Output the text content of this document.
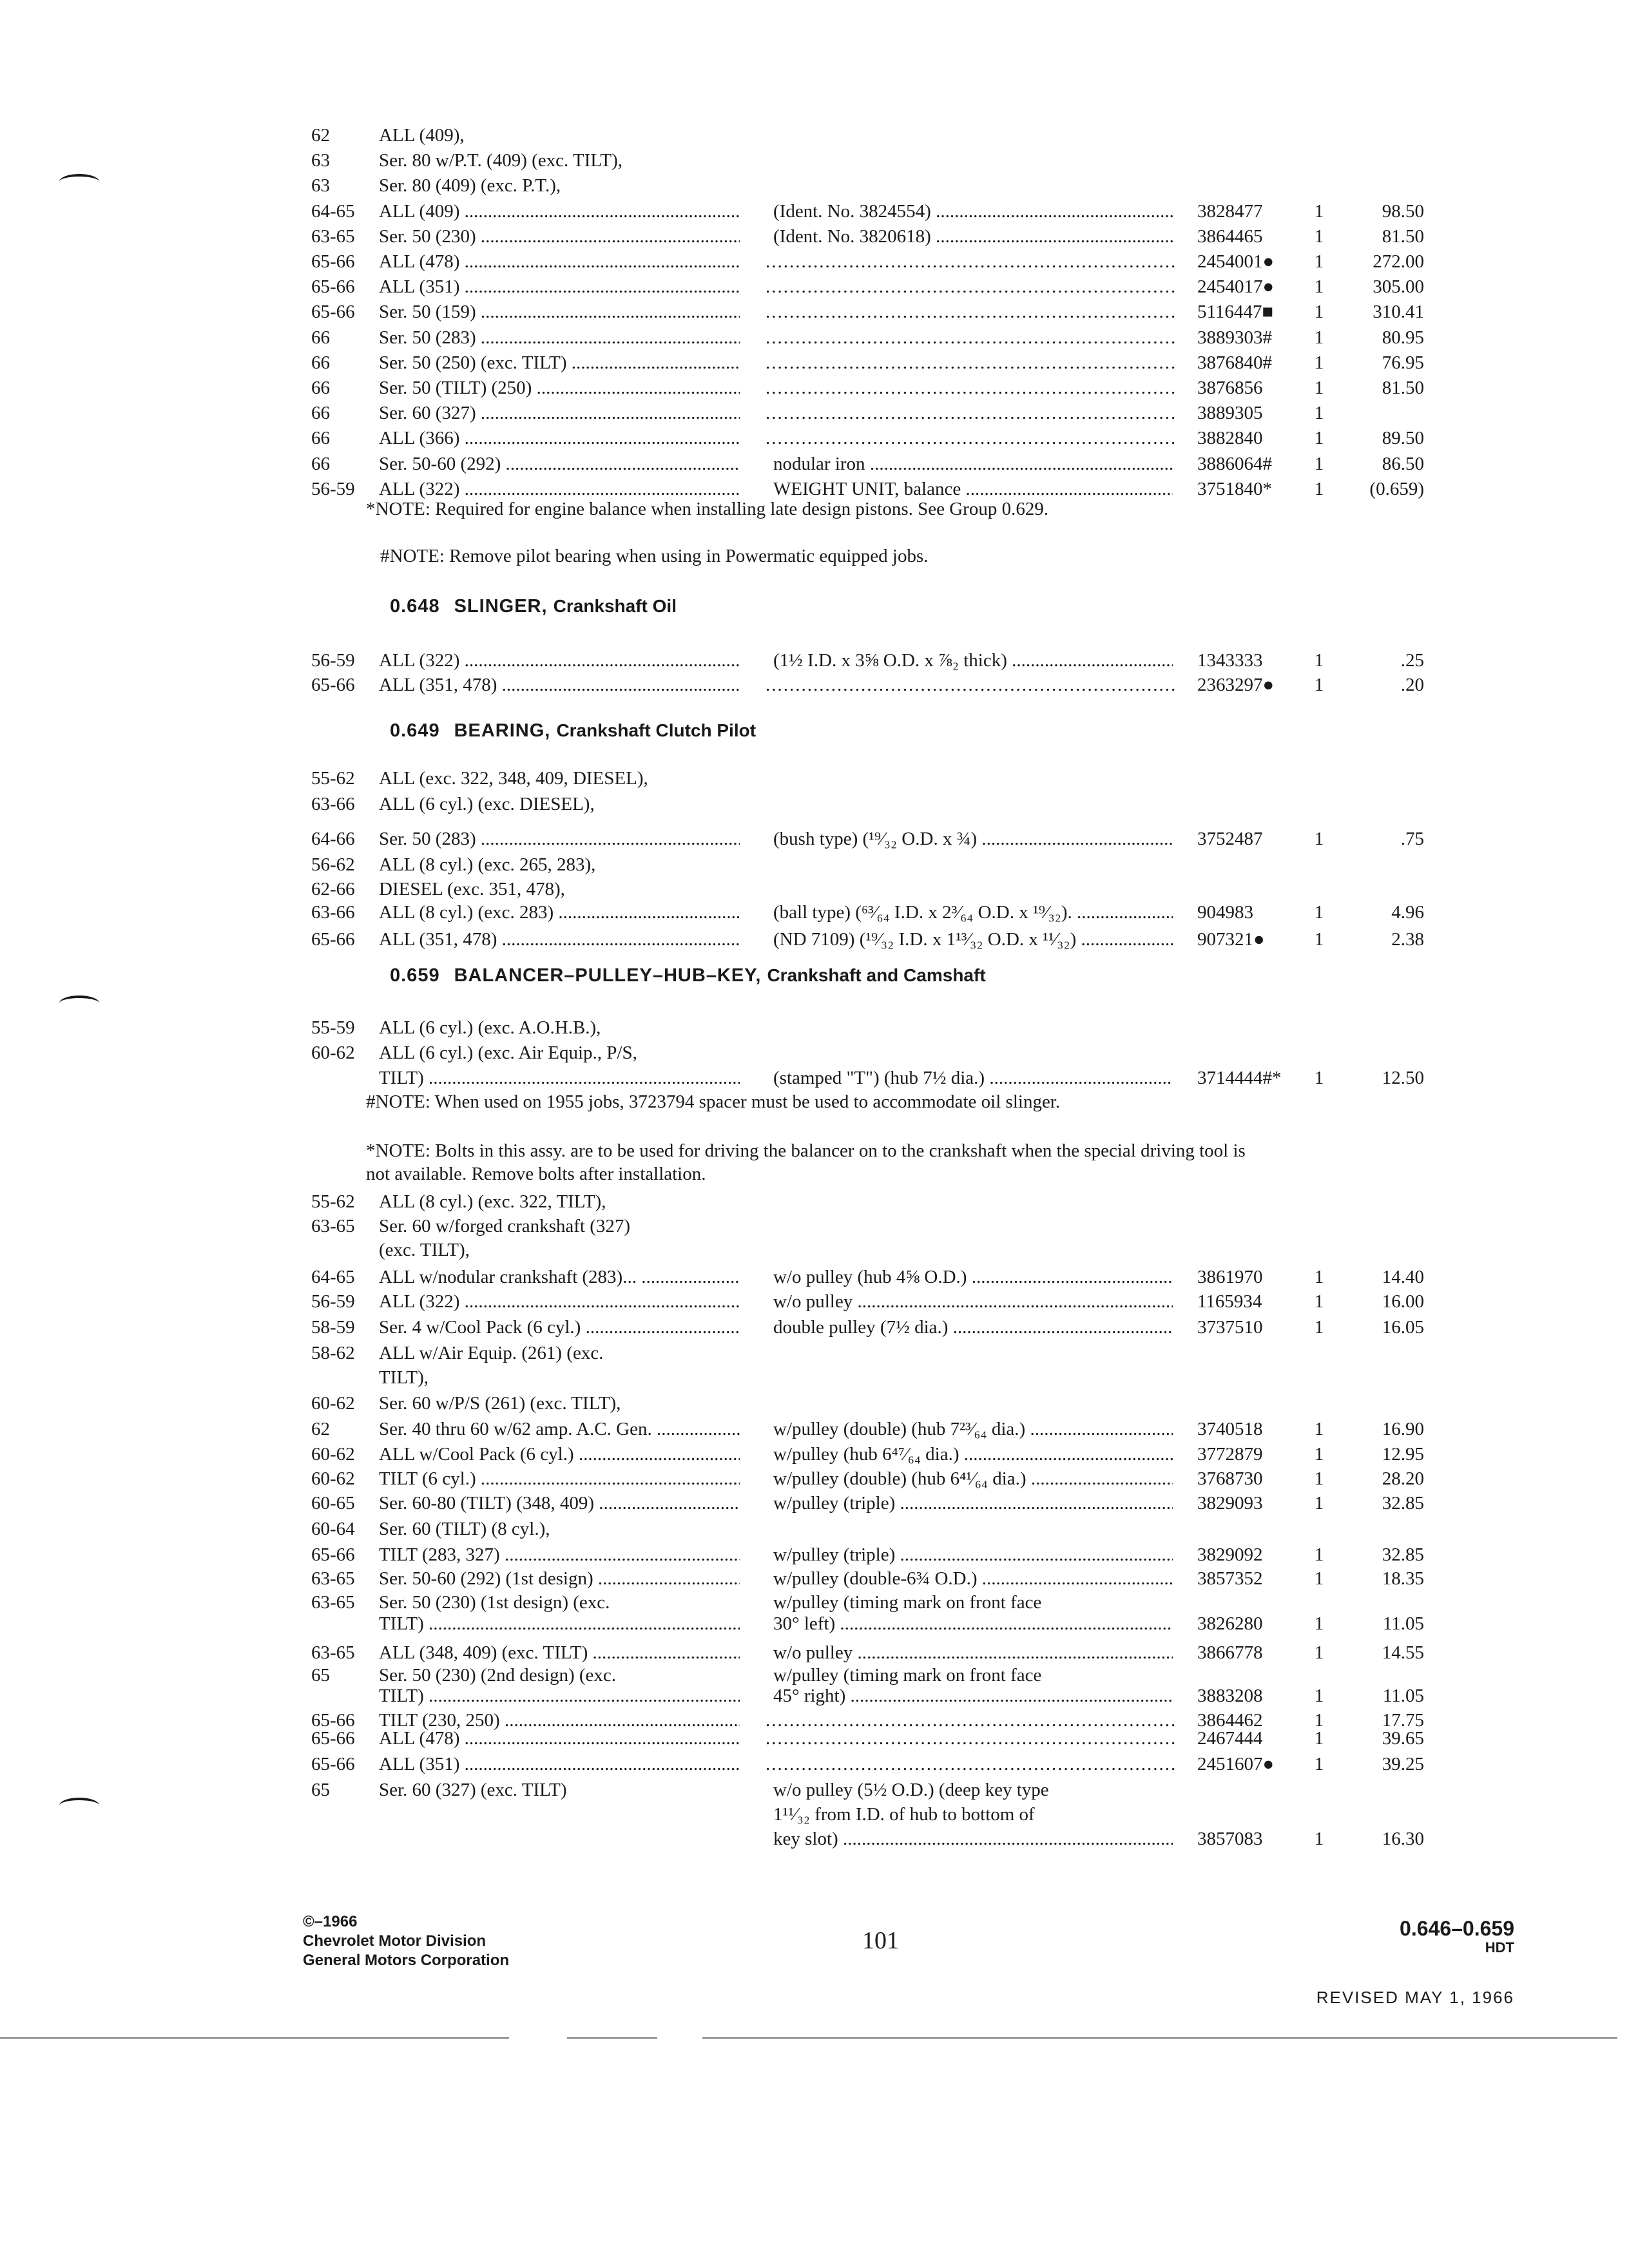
62	ALL (409),
63	Ser. 80 w/P.T. (409) (exc. TILT),
63	Ser. 80 (409) (exc. P.T.),
64-65 ALL (409) .....	(Ident. No. 3824554) .....	3828477	1	98.50
63-65 Ser. 50 (230) .....	(Ident. No. 3820618) .....	3864465	1	81.50
65-66 ALL (478) .....	2454001●	1	272.00
.....
65-66 ALL (351) .....	2454017●	1	305.00
.....
65-66 Ser. 50 (159) .....	5116447■	1	310.41
.....
66	Ser. 50 (283) .....	3889303#	1	80.95
.....
66	Ser. 50 (250) (exc. TILT) .....	3876840#	1	76.95
.....
66	Ser. 50 (TILT) (250) .....	3876856	1	81.50
.....
66	Ser. 60 (327) .....	3889305	1
.....
66	ALL (366) .....	3882840	1	89.50
.....
66	Ser. 50-60 (292) .....	nodular iron .....	3886064#	1	86.50
56-59 ALL (322) .....	WEIGHT UNIT, balance .....	3751840*	1	(0.659)
*NOTE: Required for engine balance when installing late design pistons. See Group 0.629.
#NOTE: Remove pilot bearing when using in Powermatic equipped jobs.
0.648 SLINGER, Crankshaft Oil
56-59 ALL (322) .....	(1½ I.D. x 3⅝ O.D. x ⅞₂ thick) .....	1343333	1	.25
65-66 ALL (351, 478) .....	2363297●	1	.20
.....
0.649 BEARING, Crankshaft Clutch Pilot
55-62 ALL (exc. 322, 348, 409, DIESEL),
63-66 ALL (6 cyl.) (exc. DIESEL),
64-66 Ser. 50 (283) .....	(bush type) (¹⁹⁄₃₂ O.D. x ¾) .....	3752487	1	.75
56-62 ALL (8 cyl.) (exc. 265, 283),
62-66 DIESEL (exc. 351, 478),
63-66 ALL (8 cyl.) (exc. 283) .....	(ball type) (⁶³⁄₆₄ I.D. x 2³⁄₆₄ O.D. x ¹⁹⁄₃₂). .....	904983	1	4.96
65-66 ALL (351, 478) .....	(ND 7109) (¹⁹⁄₃₂ I.D. x 1¹³⁄₃₂ O.D. x ¹¹⁄₃₂) .....	907321●	1	2.38
0.659 BALANCER–PULLEY–HUB–KEY, Crankshaft and Camshaft
55-59 ALL (6 cyl.) (exc. A.O.H.B.),
60-62 ALL (6 cyl.) (exc. Air Equip., P/S,
TILT) .....	(stamped "T") (hub 7½ dia.) .....	3714444#*	1	12.50
#NOTE: When used on 1955 jobs, 3723794 spacer must be used to accommodate oil slinger.
*NOTE: Bolts in this assy. are to be used for driving the balancer on to the crankshaft when the special driving tool is not available. Remove bolts after installation.
55-62 ALL (8 cyl.) (exc. 322, TILT),
63-65 Ser. 60 w/forged crankshaft (327)
(exc. TILT),
64-65 ALL w/nodular crankshaft (283)... .....	w/o pulley (hub 4⅝ O.D.) .....	3861970	1	14.40
56-59 ALL (322) .....	w/o pulley .....	1165934	1	16.00
58-59 Ser. 4 w/Cool Pack (6 cyl.) .....	double pulley (7½ dia.) .....	3737510	1	16.05
58-62 ALL w/Air Equip. (261) (exc.
TILT),
60-62 Ser. 60 w/P/S (261) (exc. TILT),
62	Ser. 40 thru 60 w/62 amp. A.C. Gen. .....	w/pulley (double) (hub 7²³⁄₆₄ dia.) .....	3740518	1	16.90
60-62 ALL w/Cool Pack (6 cyl.) .....	w/pulley (hub 6⁴⁷⁄₆₄ dia.) .....	3772879	1	12.95
60-62 TILT (6 cyl.) .....	w/pulley (double) (hub 6⁴¹⁄₆₄ dia.) .....	3768730	1	28.20
60-65 Ser. 60-80 (TILT) (348, 409) .....	w/pulley (triple) .....	3829093	1	32.85
60-64 Ser. 60 (TILT) (8 cyl.),
65-66 TILT (283, 327) .....	w/pulley (triple) .....	3829092	1	32.85
63-65 Ser. 50-60 (292) (1st design) .....	w/pulley (double-6¾ O.D.) .....	3857352	1	18.35
63-65 Ser. 50 (230) (1st design) (exc.	w/pulley (timing mark on front face
TILT) .....	30° left) .....	3826280	1	11.05
63-65 ALL (348, 409) (exc. TILT) .....	w/o pulley .....	3866778	1	14.55
65	Ser. 50 (230) (2nd design) (exc.	w/pulley (timing mark on front face
TILT) .....	45° right) .....	3883208	1	11.05
65-66 TILT (230, 250) .....	3864462	1	17.75
.....
65-66 ALL (478) .....	2467444	1	39.65
.....
65-66 ALL (351) .....	2451607●	1	39.25
.....
65	Ser. 60 (327) (exc. TILT)	w/o pulley (5½ O.D.) (deep key type
1¹¹⁄₃₂ from I.D. of hub to bottom of
key slot) .....	3857083	1	16.30
©–1966
Chevrolet Motor Division
General Motors Corporation
101	0.646–0.659
HDT
REVISED MAY 1, 1966
